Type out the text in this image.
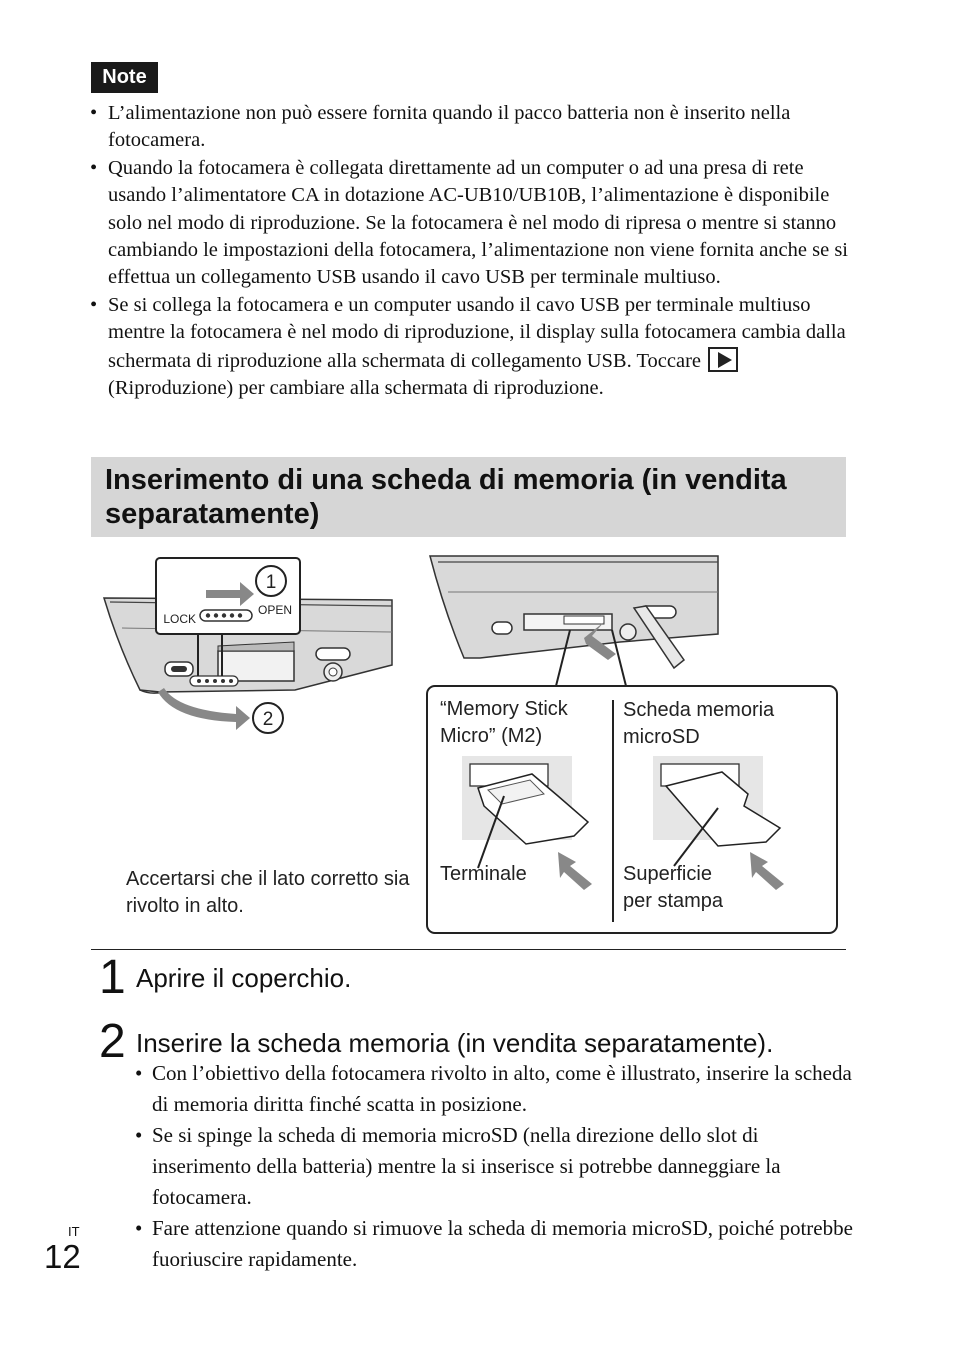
Note
• L’alimentazione non può essere fornita quando il pacco batteria non è inserito nella fotocamera.
• Quando la fotocamera è collegata direttamente ad un computer o ad una presa di rete usando l’alimentatore CA in dotazione AC-UB10/UB10B, l’alimentazione è disponibile solo nel modo di riproduzione. Se la fotocamera è nel modo di ripresa o mentre si stanno cambiando le impostazioni della fotocamera, l’alimentazione non viene fornita anche se si effettua un collegamento USB usando il cavo USB per terminale multiuso.
• Se si collega la fotocamera e un computer usando il cavo USB per terminale multiuso mentre la fotocamera è nel modo di riproduzione, il display sulla fotocamera cambia dalla schermata di riproduzione alla schermata di collegamento USB. Toccare  (Riproduzione) per cambiare alla schermata di riproduzione.
Inserimento di una scheda di memoria (in vendita separatamente)
LOCK
OPEN
1
2

Accertarsi che il lato corretto sia rivolto in alto.

“Memory Stick Micro” (M2)

Terminale

Scheda memoria microSD

Superficie per stampa

1 Aprire il coperchio.
2 Inserire la scheda memoria (in vendita separatamente).
• Con l’obiettivo della fotocamera rivolto in alto, come è illustrato, inserire la scheda di memoria diritta finché scatta in posizione.
• Se si spinge la scheda di memoria microSD (nella direzione dello slot di inserimento della batteria) mentre la si inserisce si potrebbe danneggiare la fotocamera.
• Fare attenzione quando si rimuove la scheda di memoria microSD, poiché potrebbe fuoriuscire rapidamente.
IT
12
